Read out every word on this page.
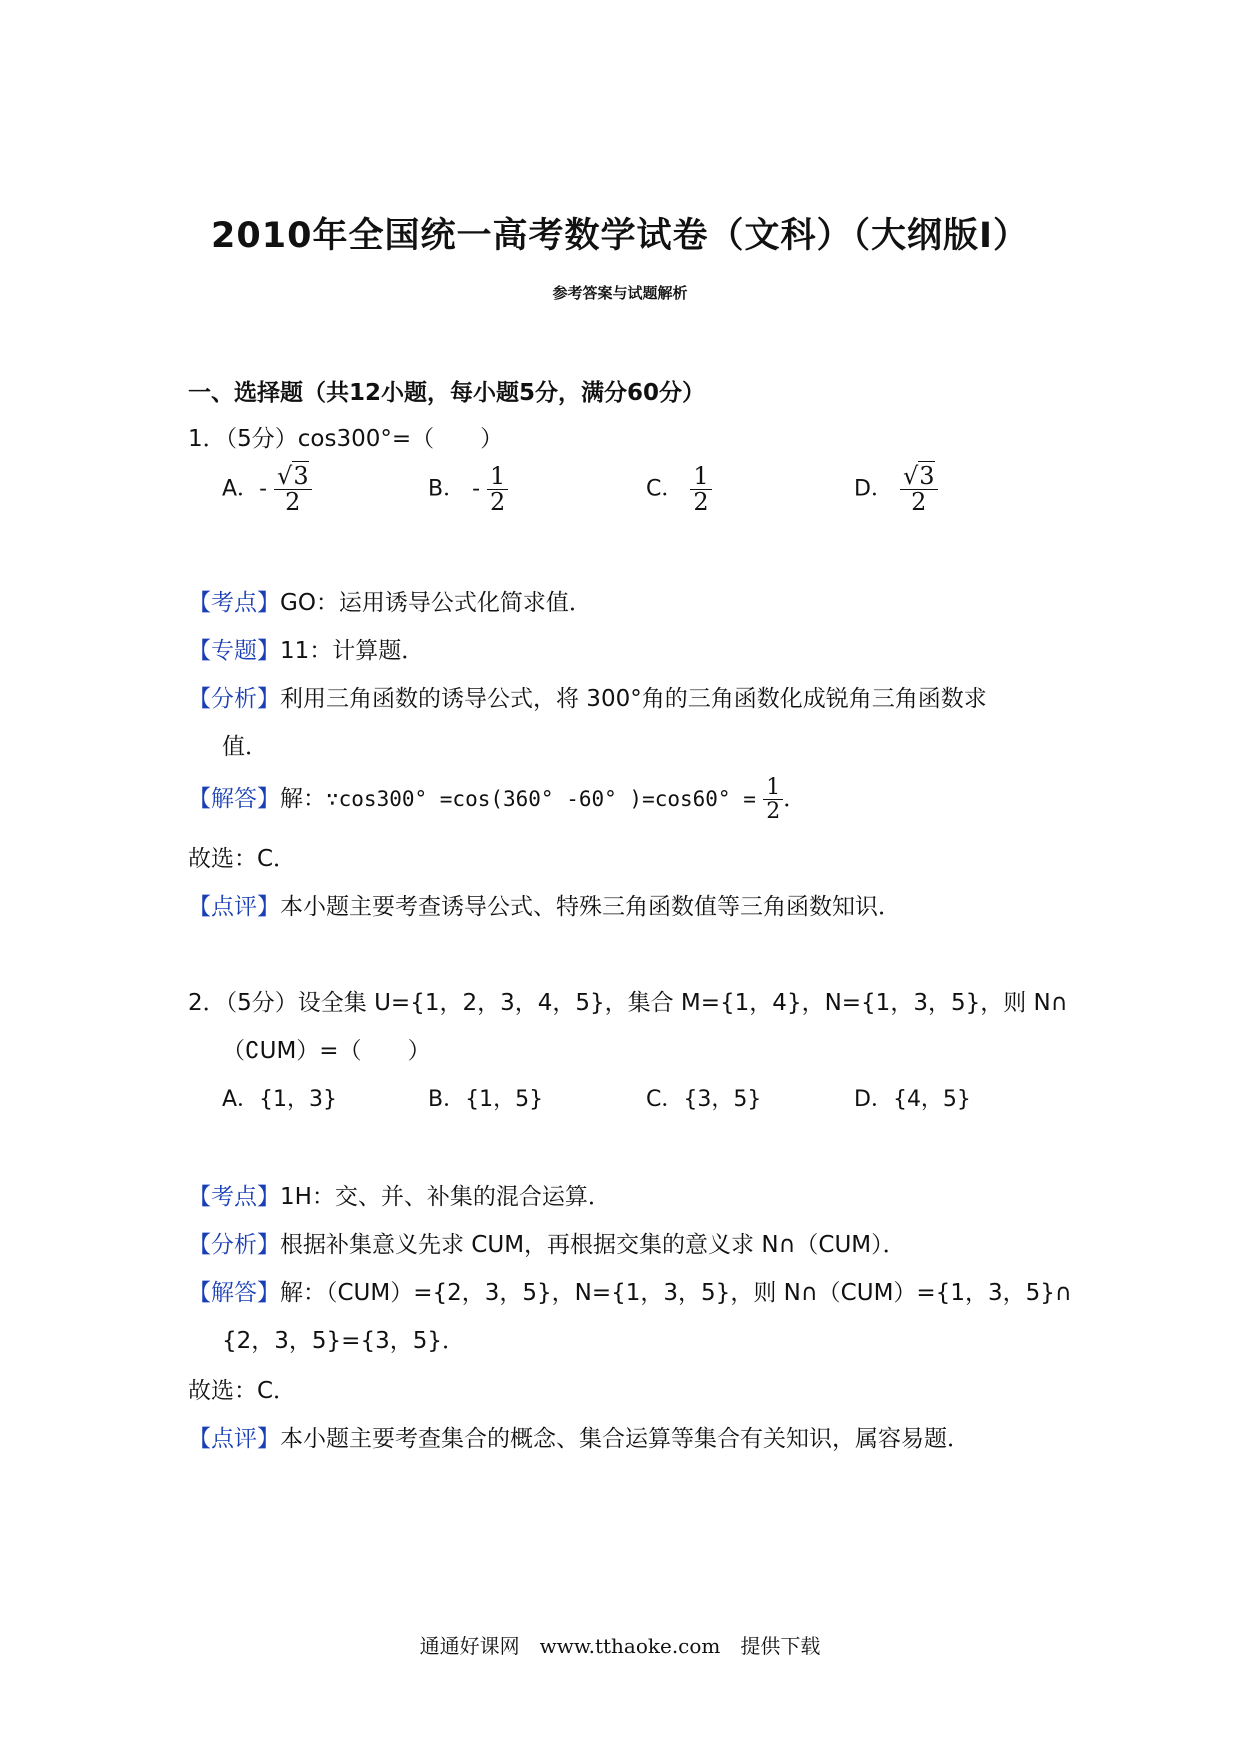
2010年全国统一高考数学试卷（文科）（大纲版Ⅰ）
参考答案与试题解析
一、选择题（共12小题，每小题5分，满分60分）
1．（5分）cos300°=（　　）
A．- $\frac{√3}{2}$	B． - $\frac{1}{2}$	C． $\frac{1}{2}$	D． $\frac{√3}{2}$
【考点】GO：运用诱导公式化简求值．
【专题】11：计算题．
【分析】利用三角函数的诱导公式，将 300°角的三角函数化成锐角三角函数求
值．
【解答】解：∵cos300° =cos(360° -60° )$=\cos 60^\circ = \frac{1}{2}$ ．
故选：C．
【点评】本小题主要考查诱导公式、特殊三角函数值等三角函数知识．
2．（5分）设全集 U={1，2，3，4，5}，集合 M={1，4}，N={1，3，5}，则 N∩
（∁UM）=（　　）
A．{1，3}	B．{1，5}	C．{3，5}	D．{4，5}
【考点】1H：交、并、补集的混合运算．
【分析】根据补集意义先求 CUM，再根据交集的意义求 N∩（CUM）．
【解答】解：（CUM）={2，3，5}，N={1，3，5}，则 N∩（CUM）={1，3，5}∩
{2，3，5}={3，5}．
故选：C．
【点评】本小题主要考查集合的概念、集合运算等集合有关知识，属容易题．
通通好课网　www.tthaoke.com　提供下载
